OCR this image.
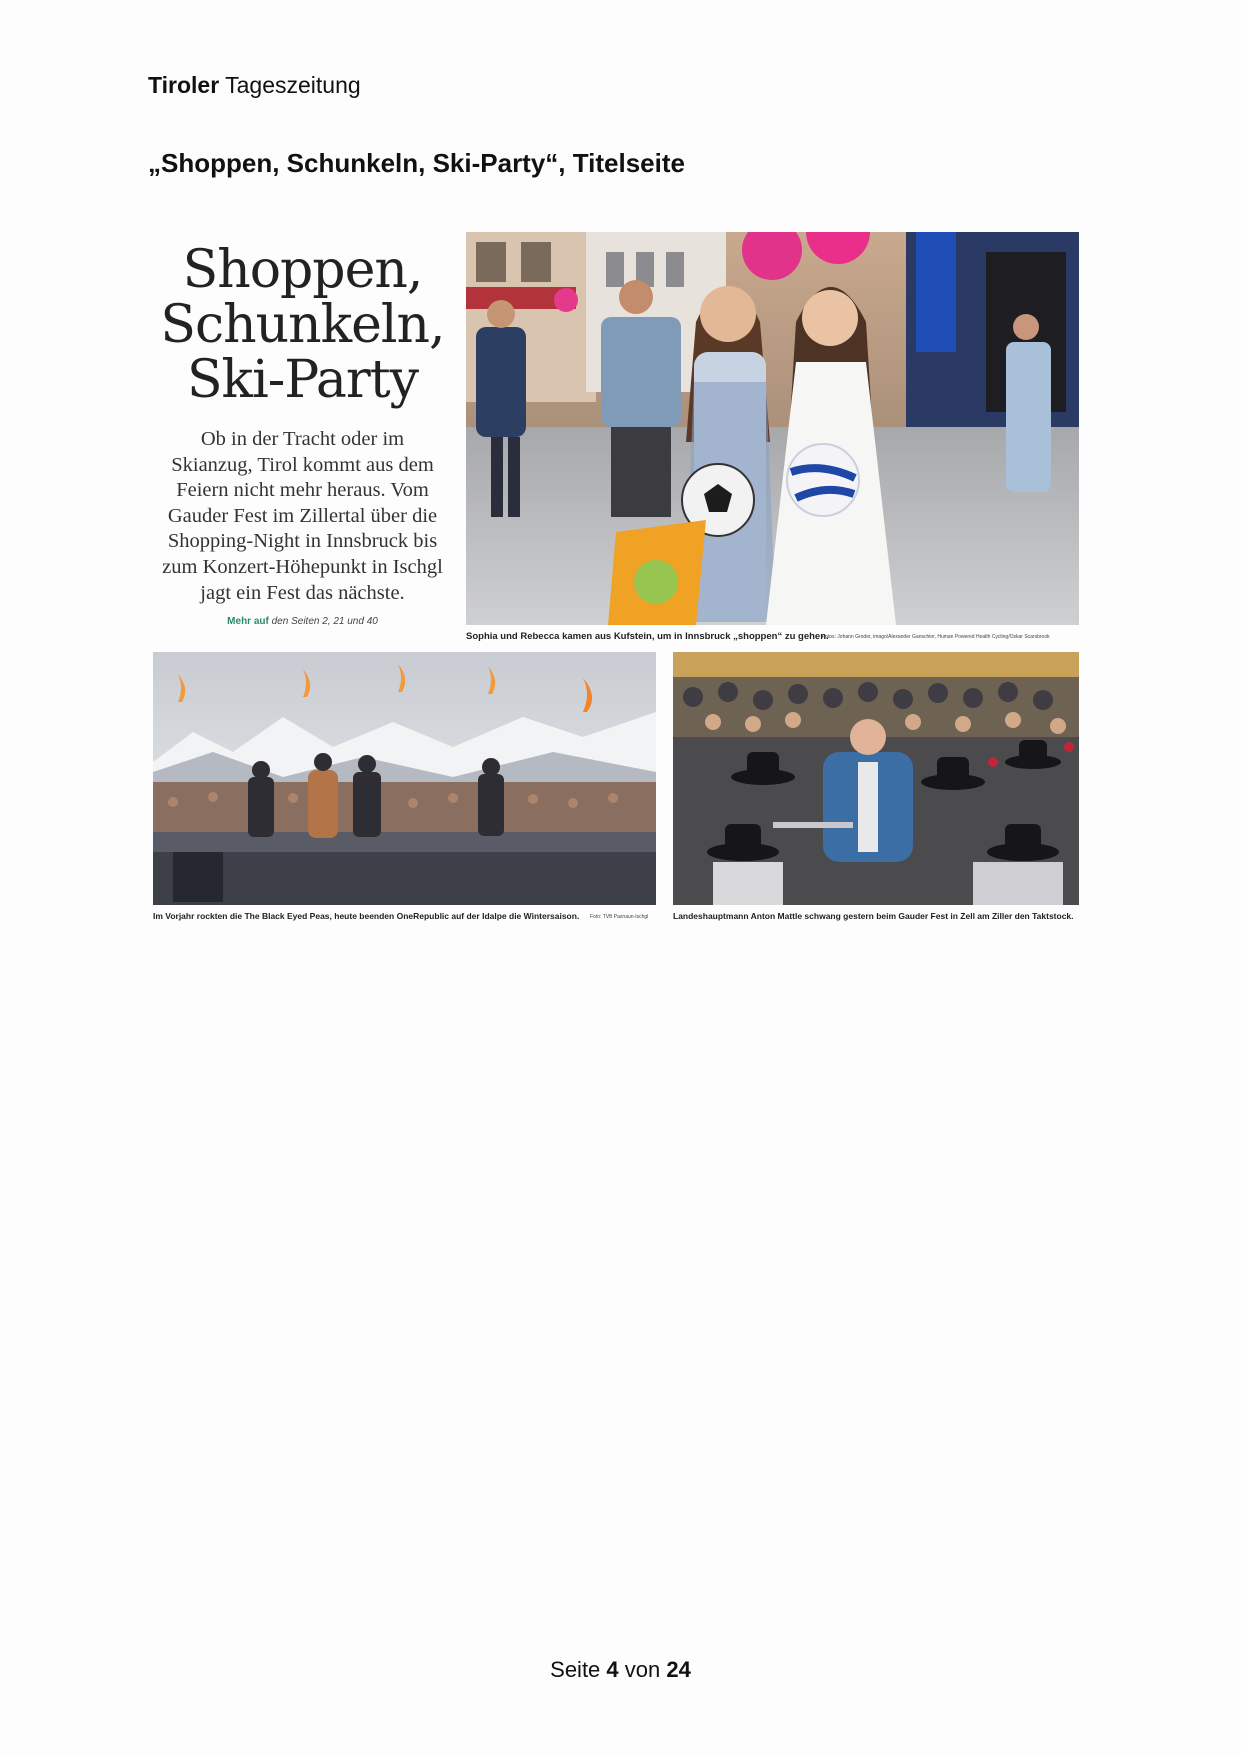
Tiroler Tageszeitung
„Shoppen, Schunkeln, Ski-Party“, Titelseite
Shoppen,
Schunkeln,
Ski-Party
Ob in der Tracht oder im Skianzug, Tirol kommt aus dem Feiern nicht mehr heraus. Vom Gauder Fest im Zillertal über die Shopping-Night in Innsbruck bis zum Konzert-Höhepunkt in Ischgl jagt ein Fest das nächste.
Mehr auf den Seiten 2, 21 und 40
Sophia und Rebecca kamen aus Kufstein, um in Innsbruck „shoppen“ zu gehen.
Fotos: Johann Groder, imago/Alexander Ganschior, Human Powered Health Cycling/Oskar Scarsbrook
Im Vorjahr rockten die The Black Eyed Peas, heute beenden OneRepublic auf der Idalpe die Wintersaison. Foto: TVB Paznaun-Ischgl	Landeshauptmann Anton Mattle schwang gestern beim Gauder Fest in Zell am Ziller den Taktstock.
Seite 4 von 24
